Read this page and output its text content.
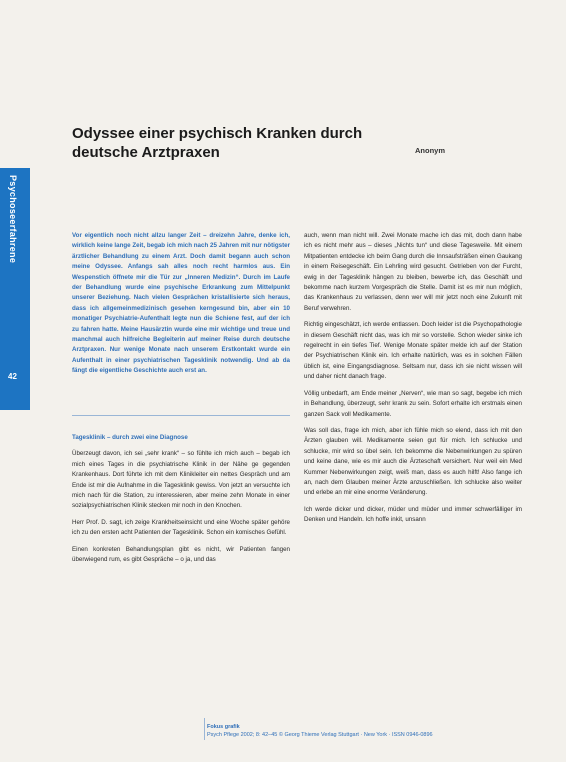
Odyssee einer psychisch Kranken durch deutsche Arztpraxen	Anonym
Psychoseerfahrene
42

Vor eigentlich noch nicht allzu langer Zeit – dreizehn Jahre, denke ich, wirklich keine lange Zeit, begab ich mich nach 25 Jahren mit nur nötigster ärztlicher Behandlung zu einem Arzt. Doch damit begann auch schon meine Odyssee. Anfangs sah alles noch recht harmlos aus. Ein Wespenstich öffnete mir die Tür zur „Inneren Medizin“. Durch im Laufe der Behandlung wurde eine psychische Erkrankung zum Mittelpunkt unserer Beziehung. Nach vielen Gesprächen kristallisierte sich heraus, dass ich allgemeinmedizinisch gesehen kerngesund bin, aber ein 10 monatiger Psychiatrie-Aufenthalt legte nun die Schiene fest, auf der ich zu fahren hatte. Meine Hausärztin wurde eine mir wichtige und treue und manchmal auch hilfreiche Begleiterin auf meiner Reise durch deutsche Arztpraxen. Nur wenige Monate nach unserem Erstkontakt wurde ein Aufenthalt in einer psychiatrischen Tagesklinik notwendig. Und ab da fängt die eigentliche Geschichte auch erst an.

Tagesklinik – durch zwei eine Diagnose

Überzeugt davon, ich sei „sehr krank“ – so fühlte ich mich auch – begab ich mich eines Tages in die psychiatrische Klinik in der Nähe ge gegenden Krankenhaus. Dort führte ich mit dem Klinikleiter ein nettes Gespräch und am Ende ist mir die Aufnahme in die Tagesklinik gewiss. Von jetzt an versuchte ich mich nach für die Station, zu interessieren, aber meine zehn Monate in einer sozialpsychiatrischen Klinik stecken mir noch in den Knochen.

Herr Prof. D. sagt, ich zeige Krankheitseinsicht und eine Woche später gehöre ich zu den ersten acht Patienten der Tagesklinik. Schon ein komisches Gefühl.

Einen konkreten Behandlungsplan gibt es nicht, wir Patienten fangen überwiegend rum, es gibt Gespräche – o ja, und das

auch, wenn man nicht will. Zwei Monate mache ich das mit, doch dann habe ich es nicht mehr aus – dieses „Nichts tun“ und diese Tagesweile. Mit einem Mitpatienten entdecke ich beim Gang durch die Innsaufsträßen einen Gaukang in einem Reisegeschäft. Ein Lehrling wird gesucht. Getrieben von der Furcht, ewig in der Tagesklinik hängen zu bleiben, bewerbe ich, das Geschäft und bekomme nach kurzem Vorgespräch die Stelle. Damit ist es mir nun möglich, das Krankenhaus zu verlassen, denn wer will mir jetzt noch eine Zukunft mit Beruf verwehren.

Richtig eingeschätzt, ich werde entlassen. Doch leider ist die Psychopathologie in diesem Geschäft nicht das, was ich mir so vorstelle. Schon wieder sinke ich regelrecht in ein tiefes Tief. Wenige Monate später melde ich auf der Station der Psychiatrischen Klinik ein. Ich erhalte natürlich, was es in solchen Fällen üblich ist, eine Eingangsdiagnose. Seltsam nur, dass ich sie nicht wissen will und daher nicht danach frage.

Völlig unbedarft, am Ende meiner „Nerven“, wie man so sagt, begebe ich mich in Behandlung, überzeugt, sehr krank zu sein. Sofort erhalte ich erstmals einen ganzen Sack voll Medikamente.

Was soll das, frage ich mich, aber ich fühle mich so elend, dass ich mit den Ärzten glauben will. Medikamente seien gut für mich. Ich schlucke und schlucke, mir wird so übel sein. Ich bekomme die Nebenwirkungen zu spüren und keine dane, wie es mir auch die Ärzteschaft versichert. Nur weil ein Med Kummer Nebenwirkungen zeigt, weiß man, dass es auch hilft! Also fange ich an, nach dem Glauben meiner Ärzte anzuschließen. Ich schlucke also weiter und erlebe an mir eine enorme Veränderung.

Ich werde dicker und dicker, müder und müder und immer schwerfälliger im Denken und Handeln. Ich hoffe inkit, unsann

Fokus grafik
Psych Pflege 2002; 8: 42–45 © Georg Thieme Verlag Stuttgart · New York · ISSN 0946-0896
